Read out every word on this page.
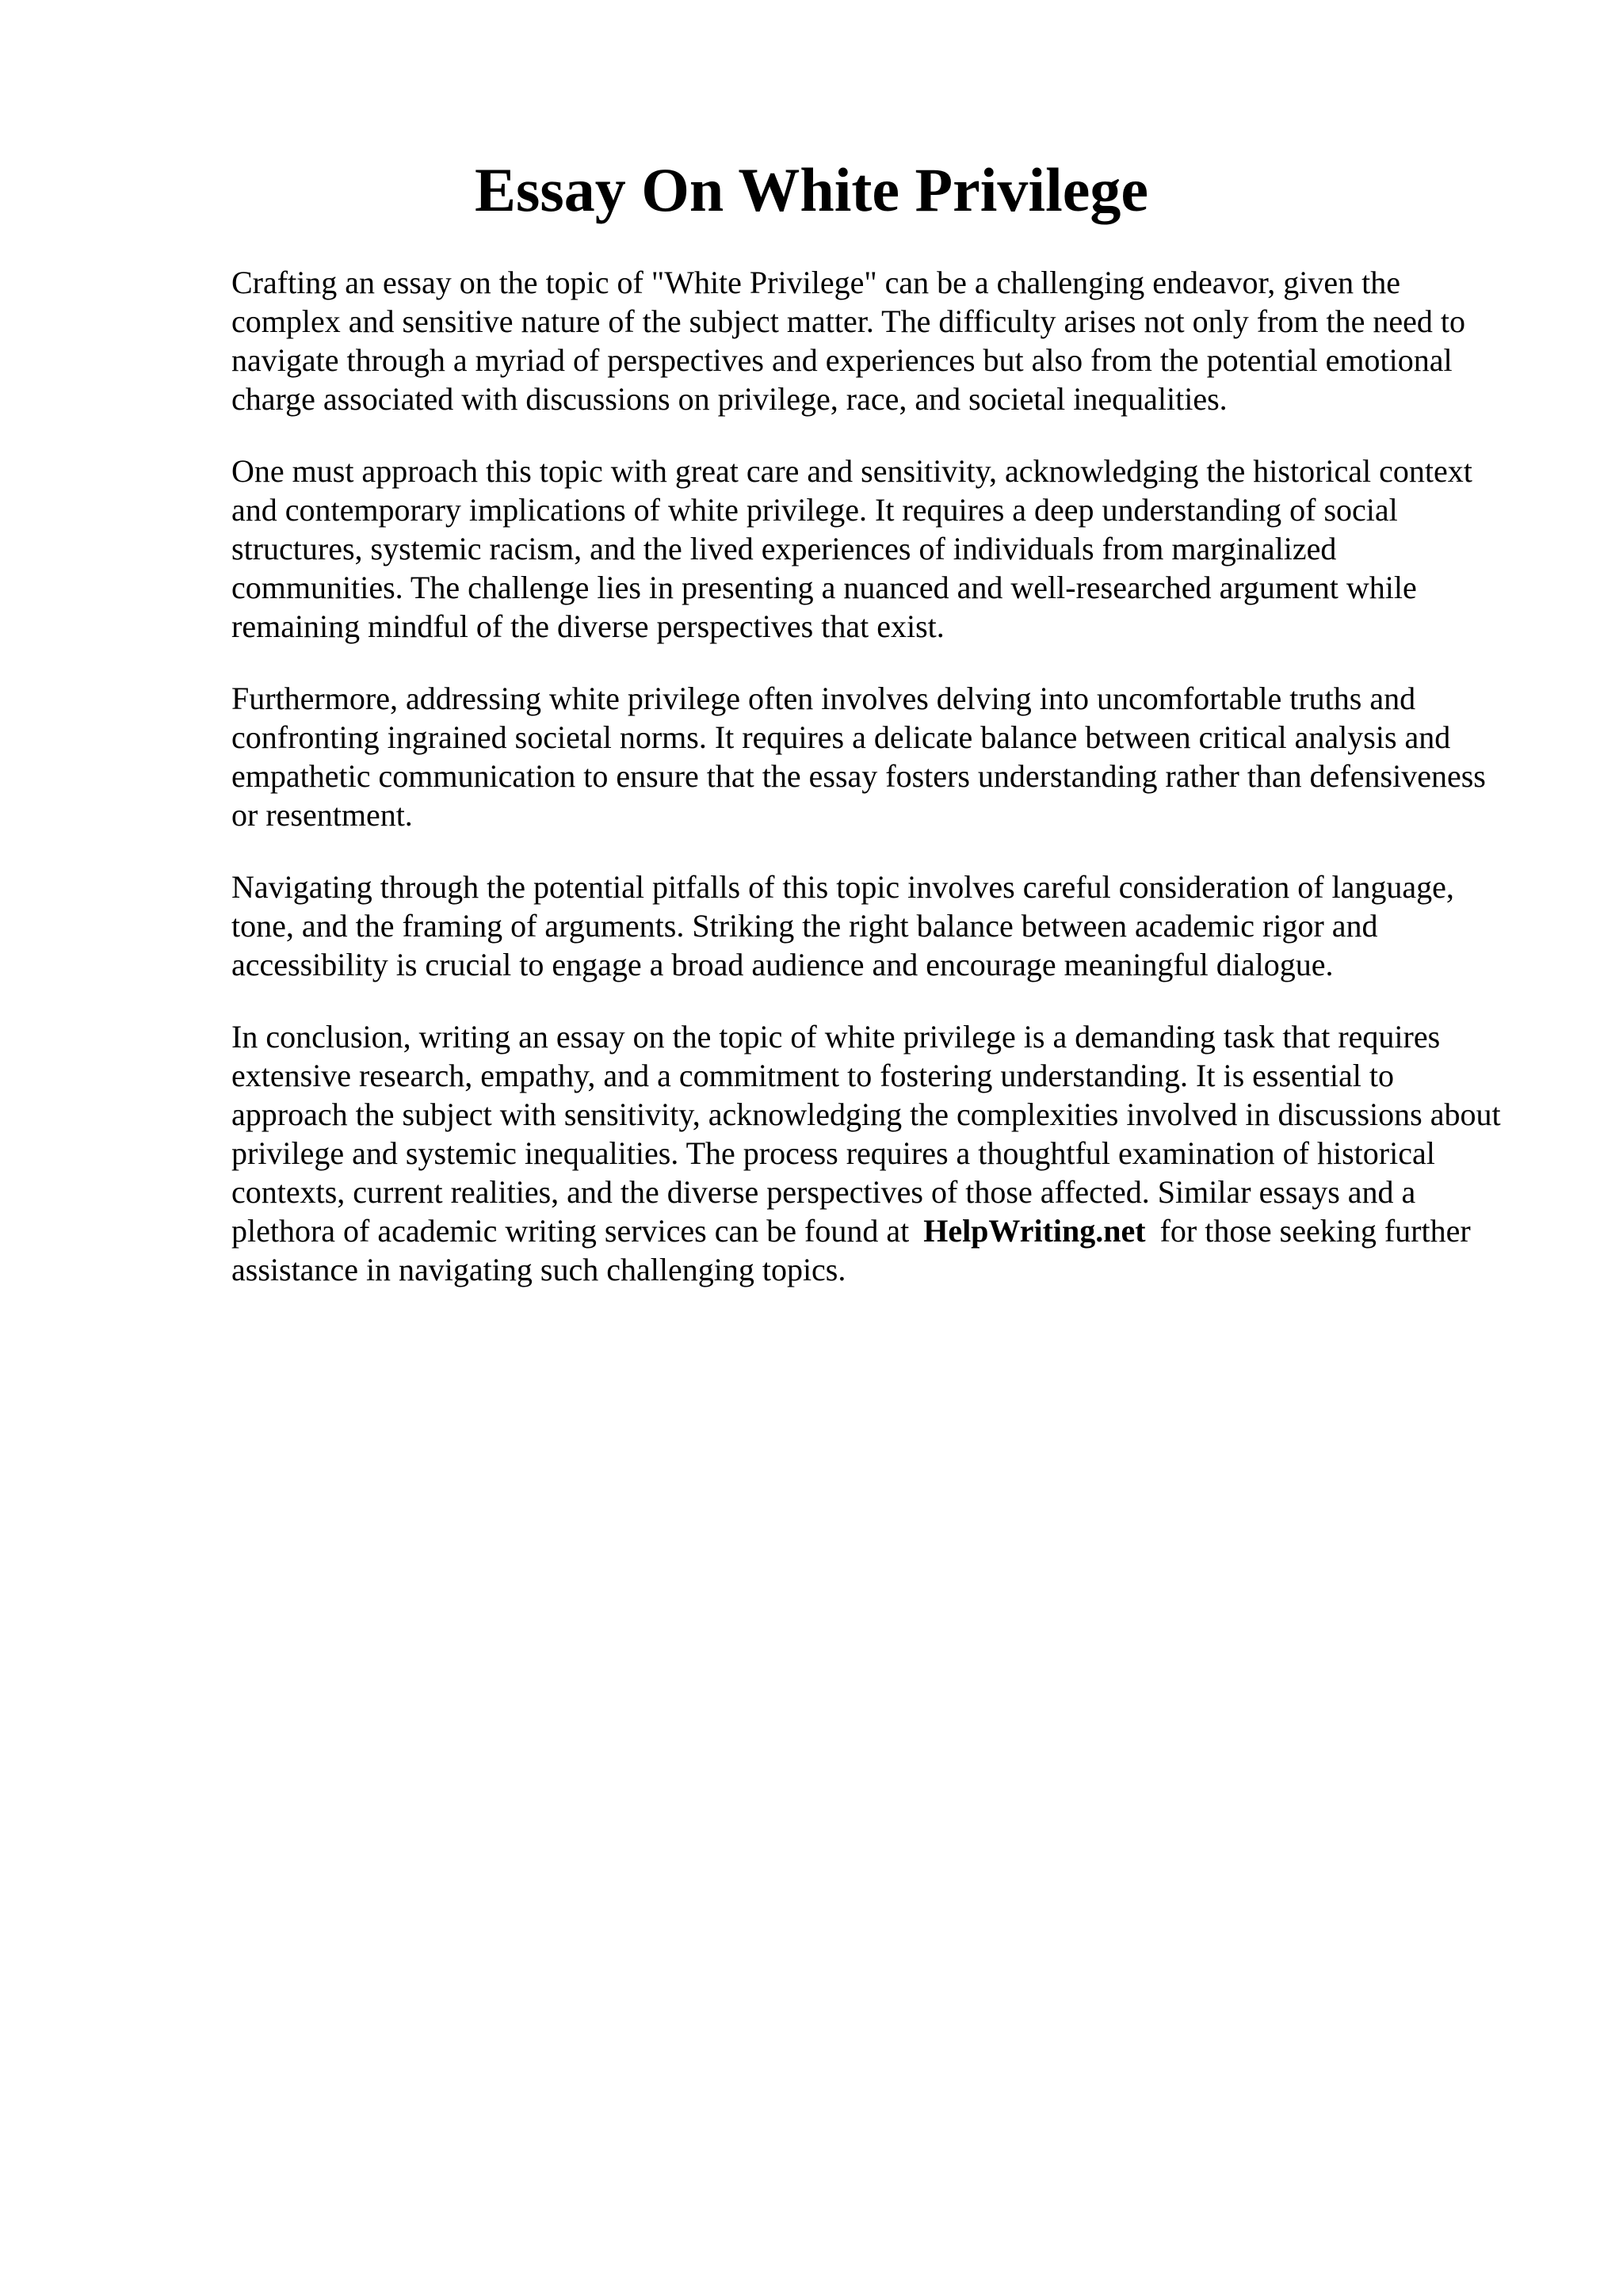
Essay On White Privilege

Crafting an essay on the topic of "White Privilege" can be a challenging endeavor, given the complex and sensitive nature of the subject matter. The difficulty arises not only from the need to navigate through a myriad of perspectives and experiences but also from the potential emotional charge associated with discussions on privilege, race, and societal inequalities.

One must approach this topic with great care and sensitivity, acknowledging the historical context and contemporary implications of white privilege. It requires a deep understanding of social structures, systemic racism, and the lived experiences of individuals from marginalized communities. The challenge lies in presenting a nuanced and well-researched argument while remaining mindful of the diverse perspectives that exist.

Furthermore, addressing white privilege often involves delving into uncomfortable truths and confronting ingrained societal norms. It requires a delicate balance between critical analysis and empathetic communication to ensure that the essay fosters understanding rather than defensiveness or resentment.

Navigating through the potential pitfalls of this topic involves careful consideration of language, tone, and the framing of arguments. Striking the right balance between academic rigor and accessibility is crucial to engage a broad audience and encourage meaningful dialogue.

In conclusion, writing an essay on the topic of white privilege is a demanding task that requires extensive research, empathy, and a commitment to fostering understanding. It is essential to approach the subject with sensitivity, acknowledging the complexities involved in discussions about privilege and systemic inequalities. The process requires a thoughtful examination of historical contexts, current realities, and the diverse perspectives of those affected. Similar essays and a plethora of academic writing services can be found at HelpWriting.net for those seeking further assistance in navigating such challenging topics.
